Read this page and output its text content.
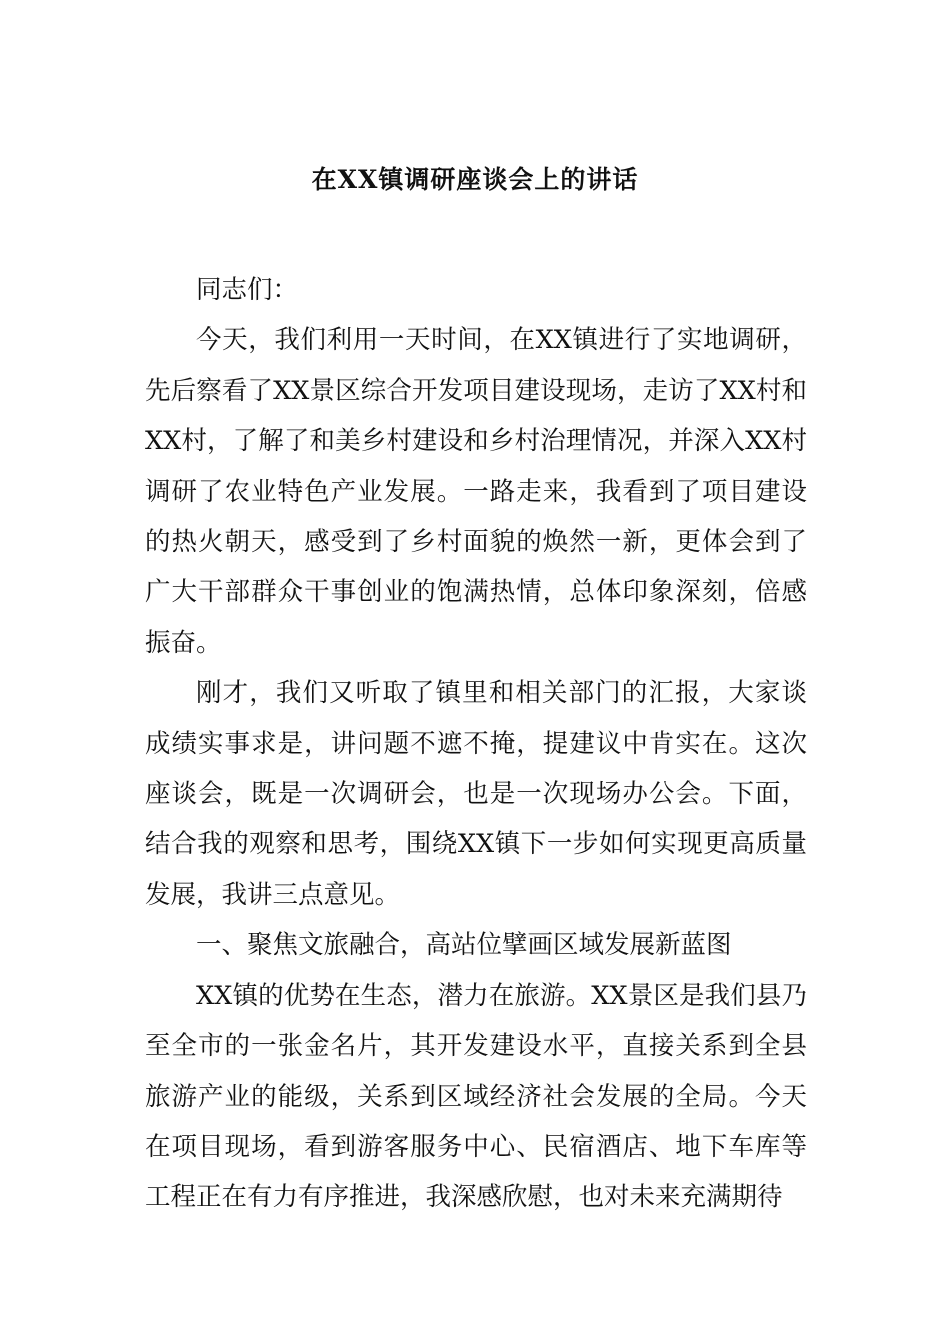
在XX镇调研座谈会上的讲话

同志们：

今天，我们利用一天时间，在XX镇进行了实地调研，先后察看了XX景区综合开发项目建设现场，走访了XX村和XX村，了解了和美乡村建设和乡村治理情况，并深入XX村调研了农业特色产业发展。一路走来，我看到了项目建设的热火朝天，感受到了乡村面貌的焕然一新，更体会到了广大干部群众干事创业的饱满热情，总体印象深刻，倍感振奋。

刚才，我们又听取了镇里和相关部门的汇报，大家谈成绩实事求是，讲问题不遮不掩，提建议中肯实在。这次座谈会，既是一次调研会，也是一次现场办公会。下面，结合我的观察和思考，围绕XX镇下一步如何实现更高质量发展，我讲三点意见。

一、聚焦文旅融合，高站位擘画区域发展新蓝图

XX镇的优势在生态，潜力在旅游。XX景区是我们县乃至全市的一张金名片，其开发建设水平，直接关系到全县旅游产业的能级，关系到区域经济社会发展的全局。今天在项目现场，看到游客服务中心、民宿酒店、地下车库等工程正在有力有序推进，我深感欣慰，也对未来充满期待
